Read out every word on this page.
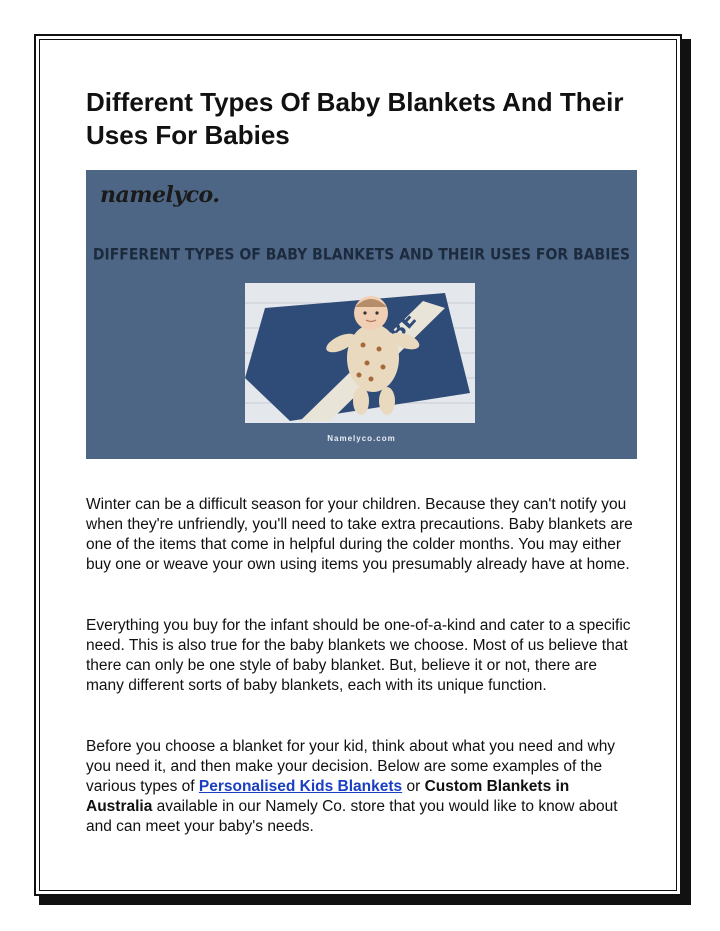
Different Types Of Baby Blankets And Their Uses For Babies
namelyco.
DIFFERENT TYPES OF BABY BLANKETS AND THEIR USES FOR BABIES
Namelyco.com

Winter can be a difficult season for your children. Because they can't notify you when they're unfriendly, you'll need to take extra precautions. Baby blankets are one of the items that come in helpful during the colder months. You may either buy one or weave your own using items you presumably already have at home.

Everything you buy for the infant should be one-of-a-kind and cater to a specific need. This is also true for the baby blankets we choose. Most of us believe that there can only be one style of baby blanket. But, believe it or not, there are many different sorts of baby blankets, each with its unique function.

Before you choose a blanket for your kid, think about what you need and why you need it, and then make your decision. Below are some examples of the various types of Personalised Kids Blankets or Custom Blankets in Australia available in our Namely Co. store that you would like to know about and can meet your baby's needs.
